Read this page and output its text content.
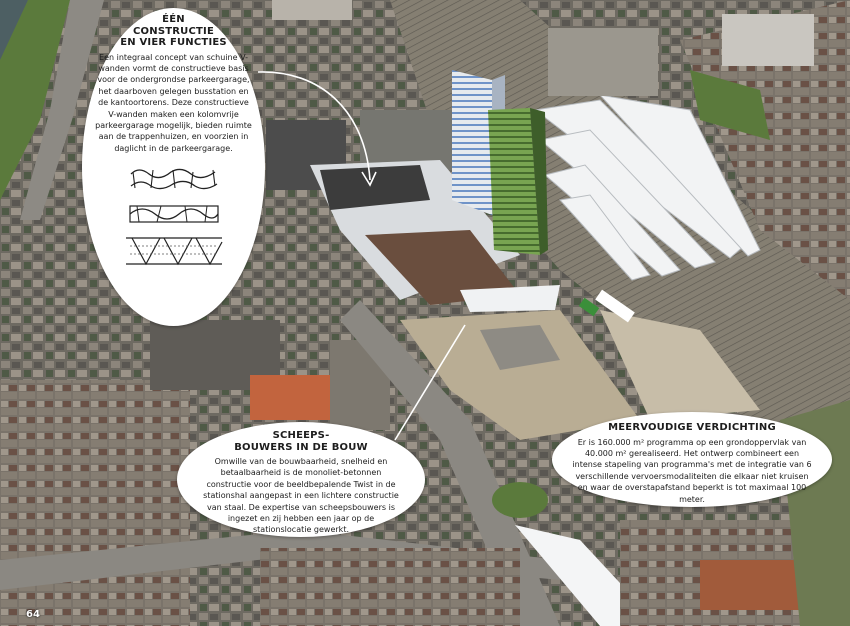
ÉÉN
CONSTRUCTIE
EN VIER FUNCTIES

Een integraal concept van schuine V-wanden vormt de constructieve basis voor de ondergrondse parkeergarage, het daarboven gelegen busstation en de kantoortorens. Deze constructieve V-wanden maken een kolomvrije parkeergarage mogelijk, bieden ruimte aan de trappenhuizen, en voorzien in daglicht in de parkeergarage.

SCHEEPS-
BOUWERS IN DE BOUW

Omwille van de bouwbaarheid, snelheid en betaalbaarheid is de monoliet-betonnen constructie voor de beeldbepalende Twist in de stationshal aangepast in een lichtere constructie van staal. De expertise van scheepsbouwers is ingezet en zij hebben een jaar op de stationslocatie gewerkt.

MEERVOUDIGE VERDICHTING

Er is 160.000 m² programma op een grondoppervlak van 40.000 m² gerealiseerd. Het ontwerp combineert een intense stapeling van programma's met de integratie van 6 verschillende vervoersmodaliteiten die elkaar niet kruisen en waar de overstapafstand beperkt is tot maximaal 100 meter.

64
